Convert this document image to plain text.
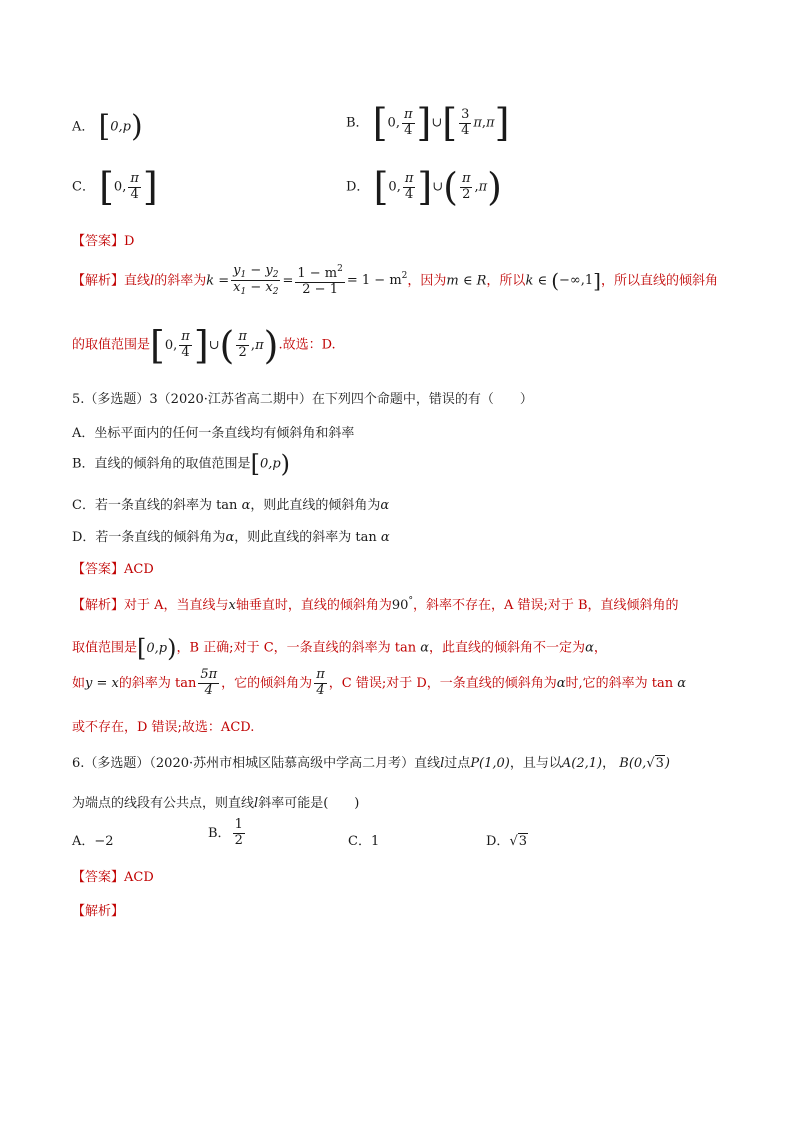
A． [0,p)	B． [0, $\frac{\pi}{4}$ ]∪[ $\frac{3}{4} \pi,\pi$]
C． [0, $\frac{\pi}{4}$ ]	D． [0, $\frac{\pi}{4}$ ]∪( $\frac{\pi}{2} ,\pi$)
【答案】D
【解析】直线l的斜率为$k = \frac{y_1 - y_2}{x_1 - x_2} = \frac{1 - m^2}{2 - 1} = 1 - m^2$，因为m ∈ R，所以k ∈ (−∞,1]，所以直线的倾斜角
的取值范围是[0, $\frac{\pi}{4}$ ]∪( $\frac{\pi}{2} ,\pi$).故选：D.
5.（多选题）3（2020·江苏省高二期中）在下列四个命题中，错误的有（　　）
A．坐标平面内的任何一条直线均有倾斜角和斜率
B．直线的倾斜角的取值范围是[0,p)
C．若一条直线的斜率为 tan α，则此直线的倾斜角为α
D．若一条直线的倾斜角为α，则此直线的斜率为 tan α
【答案】ACD
【解析】对于 A，当直线与x轴垂直时，直线的倾斜角为90°，斜率不存在，A 错误;对于 B，直线倾斜角的
取值范围是[0,p)，B 正确;对于 C，一条直线的斜率为 tan α，此直线的倾斜角不一定为α，
如y = x的斜率为 $\tan \frac{5\pi}{4}$ ，它的倾斜角为 $\frac{\pi}{4}$ ，C 错误;对于 D，一条直线的倾斜角为α时,它的斜率为 tan α
或不存在，D 错误;故选：ACD.
6.（多选题）（2020·苏州市相城区陆慕高级中学高二月考）直线l过点P(1,0)，且与以A(2,1)， B(0,√3)
为端点的线段有公共点，则直线l斜率可能是(　　)
A．−2
B． $\frac{1}{2}$	C．1	D．√3
【答案】ACD
【解析】
